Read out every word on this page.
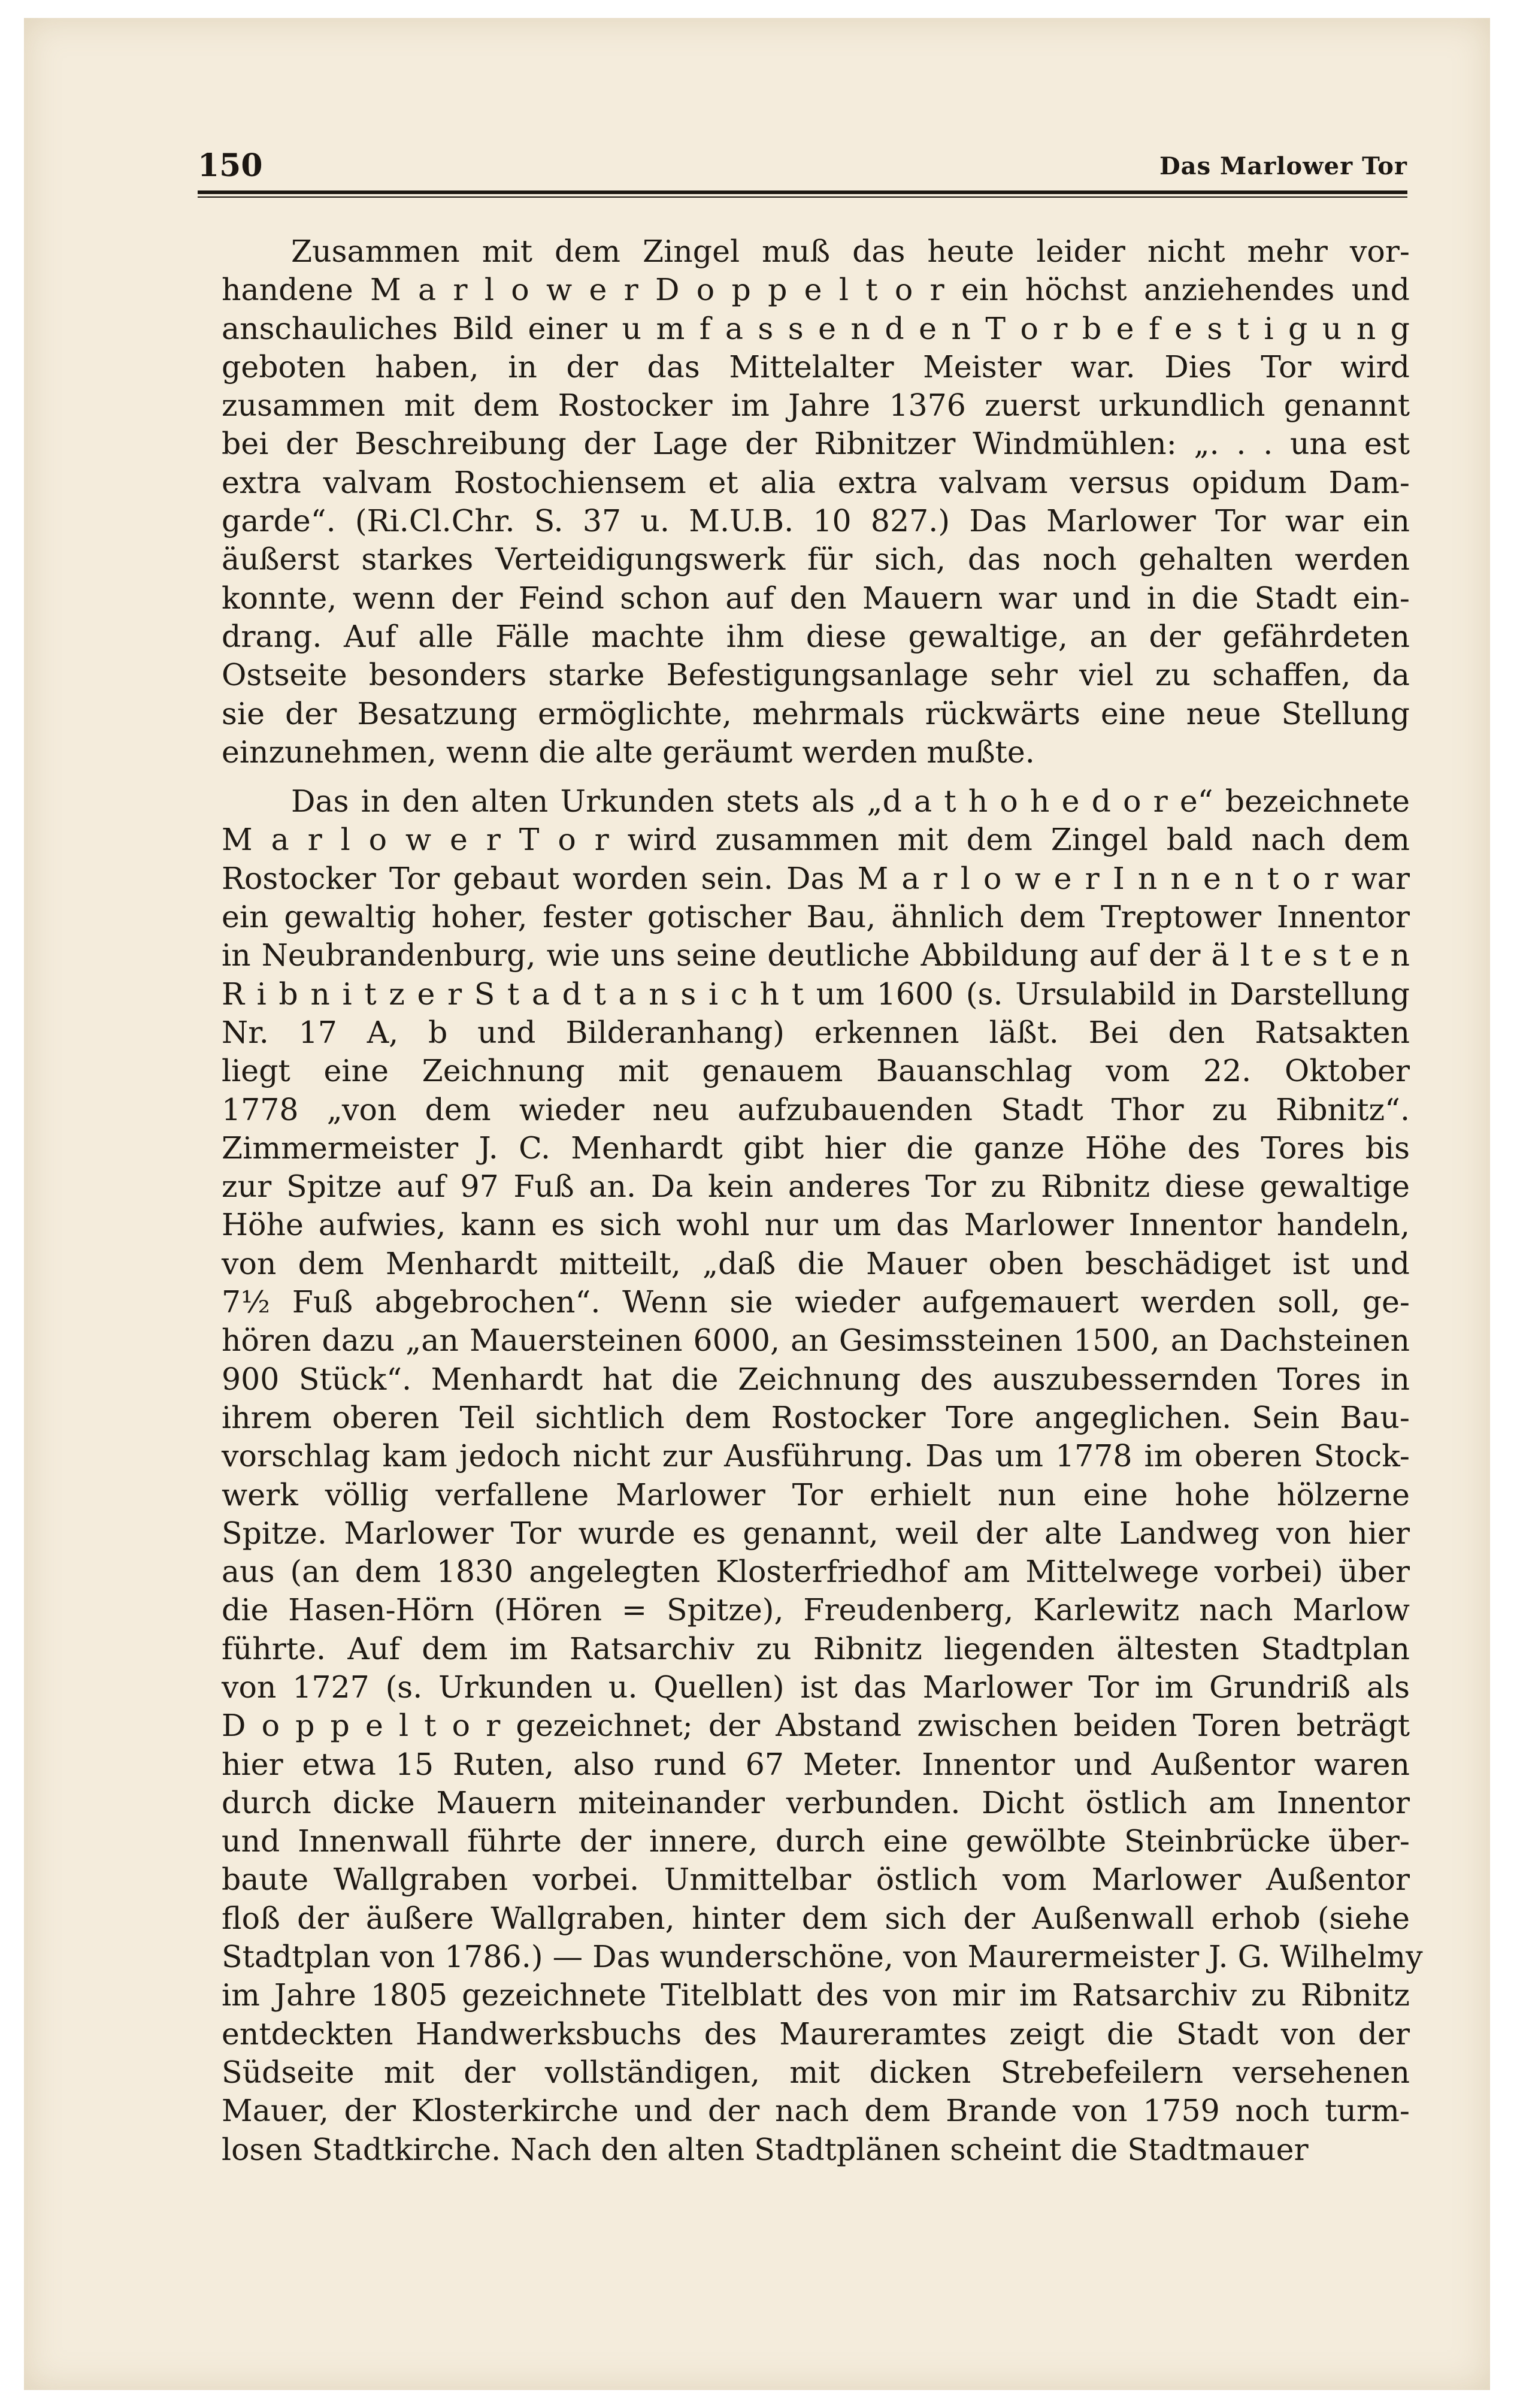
150	Das Marlower Tor
Zusammen mit dem Zingel muß das heute leider nicht mehr vor-
handene M a r l o w e r D o p p e l t o r ein höchst anziehendes und
anschauliches Bild einer u m f a s s e n d e n T o r b e f e s t i g u n g
geboten haben, in der das Mittelalter Meister war. Dies Tor wird
zusammen mit dem Rostocker im Jahre 1376 zuerst urkundlich genannt
bei der Beschreibung der Lage der Ribnitzer Windmühlen: „. . . una est
extra valvam Rostochiensem et alia extra valvam versus opidum Dam-
garde“. (Ri.Cl.Chr. S. 37 u. M.U.B. 10 827.) Das Marlower Tor war ein
äußerst starkes Verteidigungswerk für sich, das noch gehalten werden
konnte, wenn der Feind schon auf den Mauern war und in die Stadt ein-
drang. Auf alle Fälle machte ihm diese gewaltige, an der gefährdeten
Ostseite besonders starke Befestigungsanlage sehr viel zu schaffen, da
sie der Besatzung ermöglichte, mehrmals rückwärts eine neue Stellung
einzunehmen, wenn die alte geräumt werden mußte.
Das in den alten Urkunden stets als „d a t h o h e d o r e“ bezeichnete
M a r l o w e r T o r wird zusammen mit dem Zingel bald nach dem
Rostocker Tor gebaut worden sein. Das M a r l o w e r I n n e n t o r war
ein gewaltig hoher, fester gotischer Bau, ähnlich dem Treptower Innentor
in Neubrandenburg, wie uns seine deutliche Abbildung auf der ä l t e s t e n
R i b n i t z e r S t a d t a n s i c h t um 1600 (s. Ursulabild in Darstellung
Nr. 17 A, b und Bilderanhang) erkennen läßt. Bei den Ratsakten
liegt eine Zeichnung mit genauem Bauanschlag vom 22. Oktober
1778 „von dem wieder neu aufzubauenden Stadt Thor zu Ribnitz“.
Zimmermeister J. C. Menhardt gibt hier die ganze Höhe des Tores bis
zur Spitze auf 97 Fuß an. Da kein anderes Tor zu Ribnitz diese gewaltige
Höhe aufwies, kann es sich wohl nur um das Marlower Innentor handeln,
von dem Menhardt mitteilt, „daß die Mauer oben beschädiget ist und
7½ Fuß abgebrochen“. Wenn sie wieder aufgemauert werden soll, ge-
hören dazu „an Mauersteinen 6000, an Gesimssteinen 1500, an Dachsteinen
900 Stück“. Menhardt hat die Zeichnung des auszubessernden Tores in
ihrem oberen Teil sichtlich dem Rostocker Tore angeglichen. Sein Bau-
vorschlag kam jedoch nicht zur Ausführung. Das um 1778 im oberen Stock-
werk völlig verfallene Marlower Tor erhielt nun eine hohe hölzerne
Spitze. Marlower Tor wurde es genannt, weil der alte Landweg von hier
aus (an dem 1830 angelegten Klosterfriedhof am Mittelwege vorbei) über
die Hasen-Hörn (Hören = Spitze), Freudenberg, Karlewitz nach Marlow
führte. Auf dem im Ratsarchiv zu Ribnitz liegenden ältesten Stadtplan
von 1727 (s. Urkunden u. Quellen) ist das Marlower Tor im Grundriß als
D o p p e l t o r gezeichnet; der Abstand zwischen beiden Toren beträgt
hier etwa 15 Ruten, also rund 67 Meter. Innentor und Außentor waren
durch dicke Mauern miteinander verbunden. Dicht östlich am Innentor
und Innenwall führte der innere, durch eine gewölbte Steinbrücke über-
baute Wallgraben vorbei. Unmittelbar östlich vom Marlower Außentor
floß der äußere Wallgraben, hinter dem sich der Außenwall erhob (siehe
Stadtplan von 1786.) — Das wunderschöne, von Maurermeister J. G. Wilhelmy
im Jahre 1805 gezeichnete Titelblatt des von mir im Ratsarchiv zu Ribnitz
entdeckten Handwerksbuchs des Maureramtes zeigt die Stadt von der
Südseite mit der vollständigen, mit dicken Strebefeilern versehenen
Mauer, der Klosterkirche und der nach dem Brande von 1759 noch turm-
losen Stadtkirche. Nach den alten Stadtplänen scheint die Stadtmauer
